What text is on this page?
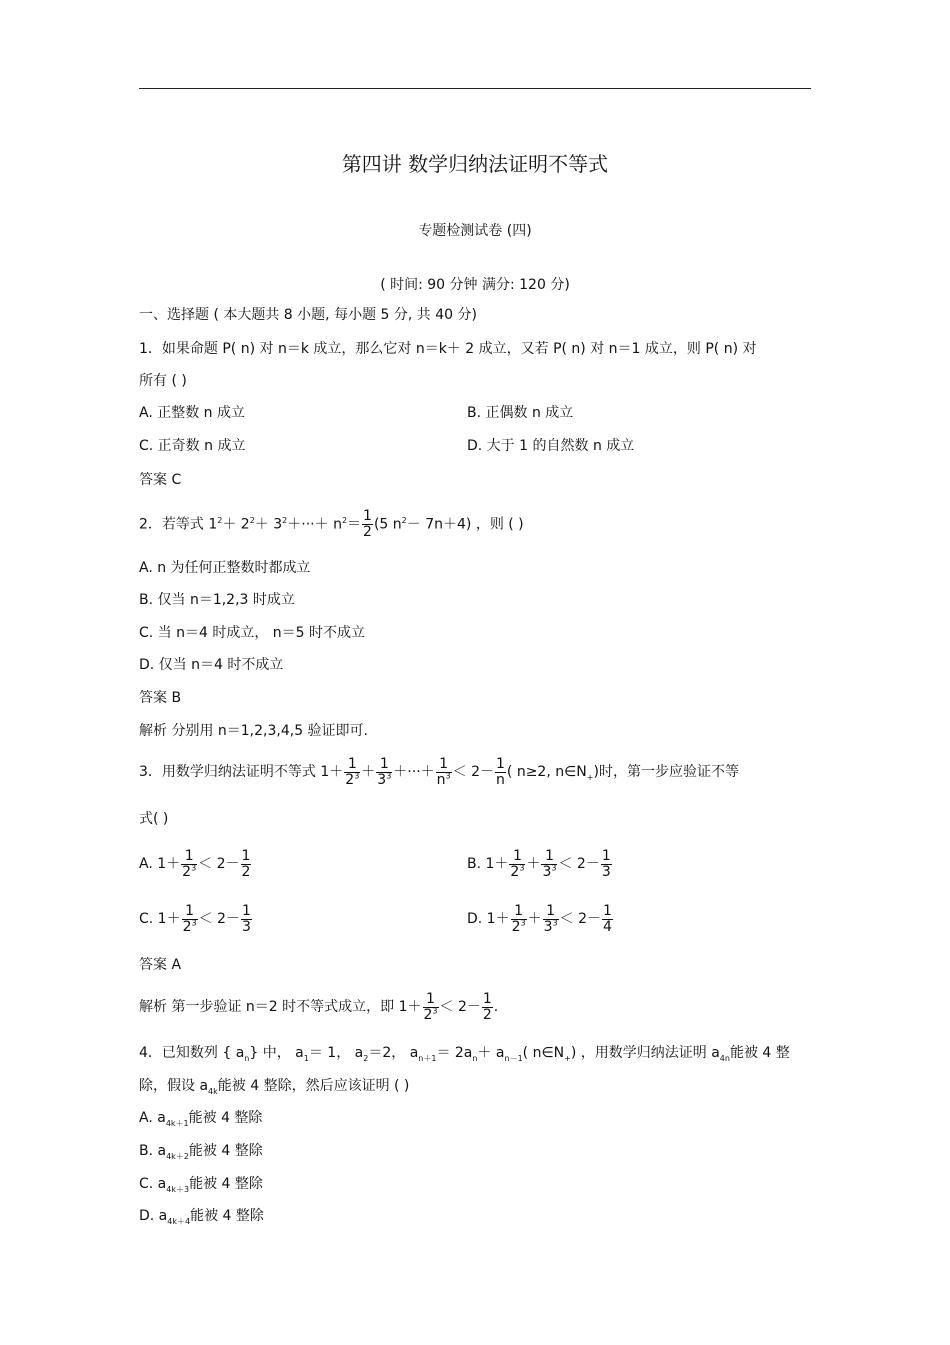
第四讲 数学归纳法证明不等式
专题检测试卷 (四)
( 时间: 90 分钟 满分: 120 分)
一、选择题 ( 本大题共 8 小题, 每小题 5 分, 共 40 分)
1．如果命题 P( n) 对 n＝k 成立，那么它对 n＝k＋ 2 成立，又若 P( n) 对 n＝1 成立，则 P( n) 对
所有 ( )
A. 正整数 n 成立	B. 正偶数 n 成立
C. 正奇数 n 成立	D. 大于 1 的自然数 n 成立
答案 C
2．若等式 $1^2+ 2^2+ 3^2+\cdot\cdot\cdot+ n^2= \frac{1}{2} (5$ $n^2- 7n+4$) ，则 ( )
A. n 为任何正整数时都成立
B. 仅当 n＝1,2,3 时成立
C. 当 n＝4 时成立， n＝5 时不成立
D. 仅当 n＝4 时不成立
答案 B
解析 分别用 n＝1,2,3,4,5 验证即可.
3．用数学归纳法证明不等式 $1+ \frac{1}{2^3} + \frac{1}{3^3}$ ＋···＋ $\frac{1}{n^3} < 2- \frac{1}{n}$ ( n≥2, $n\in N_+$)时，第一步应验证不等
式( )
A. $1+ \frac{1}{2^3} < 2- \frac{1}{2}$	B. $1+ \frac{1}{2^3} + \frac{1}{3^3} < 2- \frac{1}{3}$
C. $1+ \frac{1}{2^3} < 2- \frac{1}{3}$	D. $1+ \frac{1}{2^3} + \frac{1}{3^3} < 2- \frac{1}{4}$
答案 A
解析 第一步验证 n＝2 时不等式成立，即 $1+ \frac{1}{2^3} < 2- \frac{1}{2}$ .
4．已知数列 { $a_n$} 中， $a_1= 1$， $a_2=2$， $a_{n+1}= 2a_n+ a_{n-1}$( $n\in N_+$) ，用数学归纳法证明 $a_{4n}$能被 4 整
除，假设 $a_{4k}$能被 4 整除，然后应该证明 ( )
A. $a_{4k+1}$能被 4 整除
B. $a_{4k+2}$能被 4 整除
C. $a_{4k+3}$能被 4 整除
D. $a_{4k+4}$能被 4 整除
